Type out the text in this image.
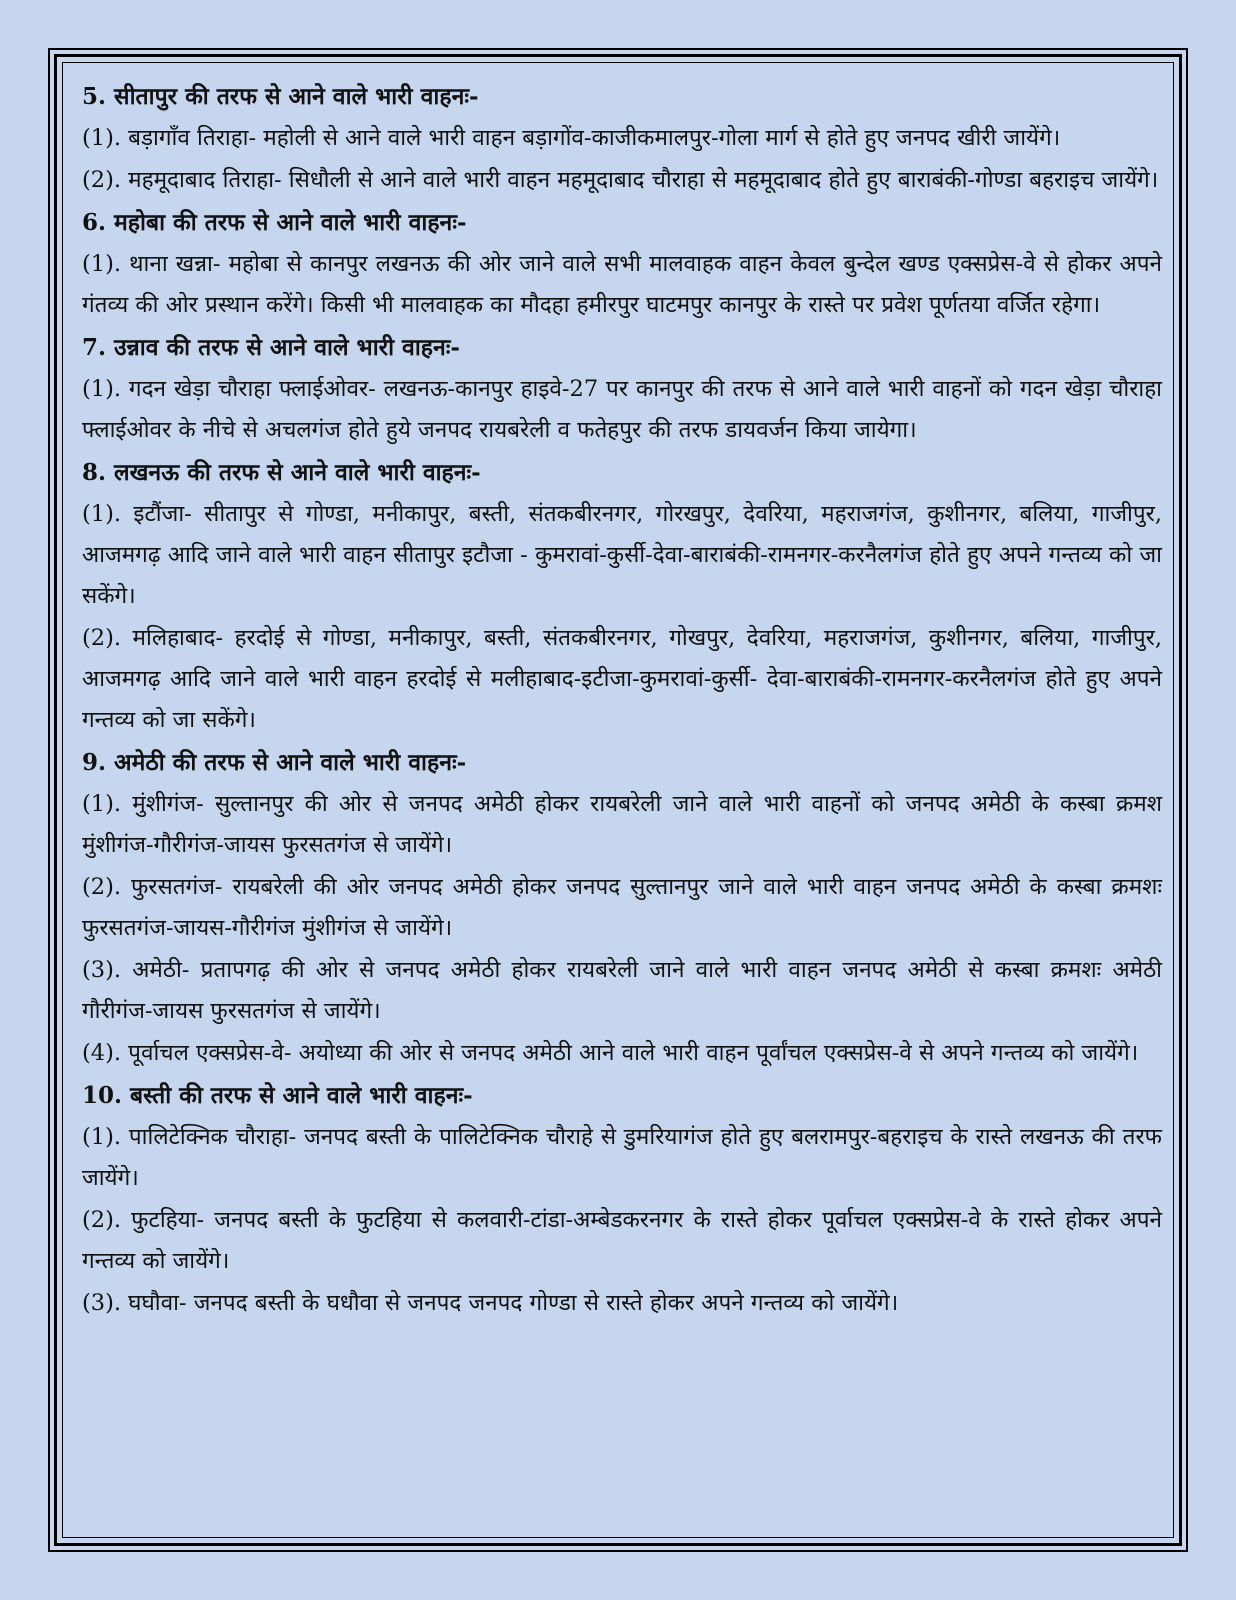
5. सीतापुर की तरफ से आने वाले भारी वाहनः-

(1). बड़ागाँव तिराहा- महोली से आने वाले भारी वाहन बड़ागोंव-काजीकमालपुर-गोला मार्ग से होते हुए जनपद खीरी जायेंगे।

(2). महमूदाबाद तिराहा- सिधौली से आने वाले भारी वाहन महमूदाबाद चौराहा से महमूदाबाद होते हुए बाराबंकी-गोण्डा बहराइच जायेंगे।

6. महोबा की तरफ से आने वाले भारी वाहनः-

(1). थाना खन्ना- महोबा से कानपुर लखनऊ की ओर जाने वाले सभी मालवाहक वाहन केवल बुन्देल खण्ड एक्सप्रेस-वे से होकर अपने गंतव्य की ओर प्रस्थान करेंगे। किसी भी मालवाहक का मौदहा हमीरपुर घाटमपुर कानपुर के रास्ते पर प्रवेश पूर्णतया वर्जित रहेगा।

7. उन्नाव की तरफ से आने वाले भारी वाहनः-

(1). गदन खेड़ा चौराहा फ्लाईओवर- लखनऊ-कानपुर हाइवे-27 पर कानपुर की तरफ से आने वाले भारी वाहनों को गदन खेड़ा चौराहा फ्लाईओवर के नीचे से अचलगंज होते हुये जनपद रायबरेली व फतेहपुर की तरफ डायवर्जन किया जायेगा।

8. लखनऊ की तरफ से आने वाले भारी वाहनः-

(1). इटौंजा- सीतापुर से गोण्डा, मनीकापुर, बस्ती, संतकबीरनगर, गोरखपुर, देवरिया, महराजगंज, कुशीनगर, बलिया, गाजीपुर, आजमगढ़ आदि जाने वाले भारी वाहन सीतापुर इटौजा - कुमरावां-कुर्सी-देवा-बाराबंकी-रामनगर-करनैलगंज होते हुए अपने गन्तव्य को जा सकेंगे।

(2). मलिहाबाद- हरदोई से गोण्डा, मनीकापुर, बस्ती, संतकबीरनगर, गोखपुर, देवरिया, महराजगंज, कुशीनगर, बलिया, गाजीपुर, आजमगढ़ आदि जाने वाले भारी वाहन हरदोई से मलीहाबाद-इटीजा-कुमरावां-कुर्सी- देवा-बाराबंकी-रामनगर-करनैलगंज होते हुए अपने गन्तव्य को जा सकेंगे।

9. अमेठी की तरफ से आने वाले भारी वाहनः-

(1). मुंशीगंज- सुल्तानपुर की ओर से जनपद अमेठी होकर रायबरेली जाने वाले भारी वाहनों को जनपद अमेठी के कस्बा क्रमश मुंशीगंज-गौरीगंज-जायस फुरसतगंज से जायेंगे।

(2). फुरसतगंज- रायबरेली की ओर जनपद अमेठी होकर जनपद सुल्तानपुर जाने वाले भारी वाहन जनपद अमेठी के कस्बा क्रमशः फुरसतगंज-जायस-गौरीगंज मुंशीगंज से जायेंगे।

(3). अमेठी- प्रतापगढ़ की ओर से जनपद अमेठी होकर रायबरेली जाने वाले भारी वाहन जनपद अमेठी से कस्बा क्रमशः अमेठी गौरीगंज-जायस फुरसतगंज से जायेंगे।

(4). पूर्वाचल एक्सप्रेस-वे- अयोध्या की ओर से जनपद अमेठी आने वाले भारी वाहन पूर्वांचल एक्सप्रेस-वे से अपने गन्तव्य को जायेंगे।

10. बस्ती की तरफ से आने वाले भारी वाहनः-

(1). पालिटेक्निक चौराहा- जनपद बस्ती के पालिटेक्निक चौराहे से डुमरियागंज होते हुए बलरामपुर-बहराइच के रास्ते लखनऊ की तरफ जायेंगे।

(2). फुटहिया- जनपद बस्ती के फुटहिया से कलवारी-टांडा-अम्बेडकरनगर के रास्ते होकर पूर्वाचल एक्सप्रेस-वे के रास्ते होकर अपने गन्तव्य को जायेंगे।

(3). घघौवा- जनपद बस्ती के घधौवा से जनपद जनपद गोण्डा से रास्ते होकर अपने गन्तव्य को जायेंगे।
